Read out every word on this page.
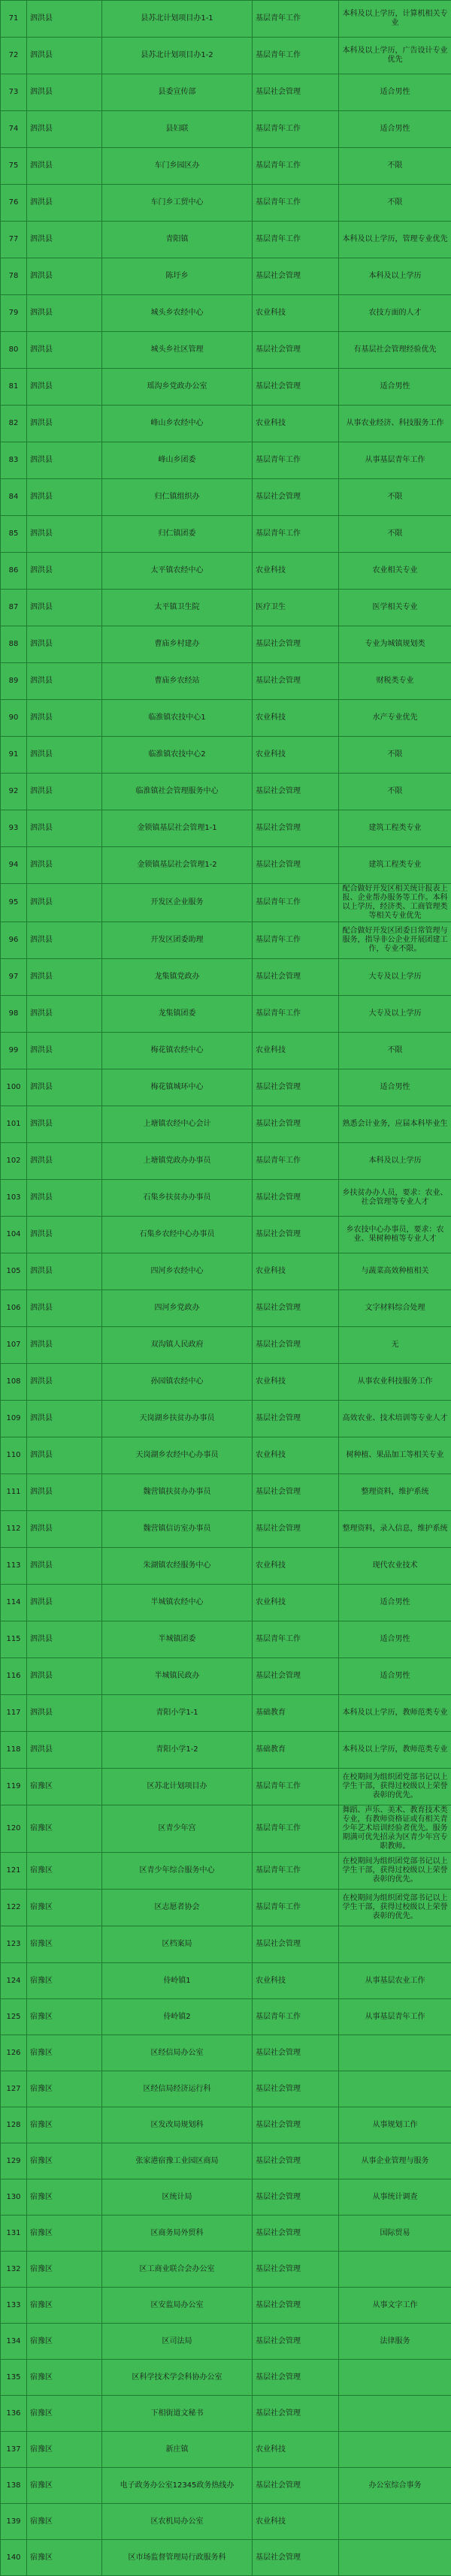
71	泗洪县	县苏北计划项目办1-1	基层青年工作	本科及以上学历，计算机相关专业
72	泗洪县	县苏北计划项目办1-2	基层青年工作	本科及以上学历，广告设计专业优先
73	泗洪县	县委宣传部	基层社会管理	适合男性
74	泗洪县	县妇联	基层青年工作	适合男性
75	泗洪县	车门乡园区办	基层青年工作	不限
76	泗洪县	车门乡工贸中心	基层青年工作	不限
77	泗洪县	青阳镇	基层青年工作	本科及以上学历，管理专业优先
78	泗洪县	陈圩乡	基层社会管理	本科及以上学历
79	泗洪县	城头乡农经中心	农业科技	农技方面的人才
80	泗洪县	城头乡社区管理	基层社会管理	有基层社会管理经验优先
81	泗洪县	瑶沟乡党政办公室	基层社会管理	适合男性
82	泗洪县	峰山乡农经中心	农业科技	从事农业经济、科技服务工作
83	泗洪县	峰山乡团委	基层青年工作	从事基层青年工作
84	泗洪县	归仁镇组织办	基层社会管理	不限
85	泗洪县	归仁镇团委	基层青年工作	不限
86	泗洪县	太平镇农经中心	农业科技	农业相关专业
87	泗洪县	太平镇卫生院	医疗卫生	医学相关专业
88	泗洪县	曹庙乡村建办	基层社会管理	专业为城镇规划类
89	泗洪县	曹庙乡农经站	基层社会管理	财税类专业
90	泗洪县	临淮镇农技中心1	农业科技	水产专业优先
91	泗洪县	临淮镇农技中心2	农业科技	不限
92	泗洪县	临淮镇社会管理服务中心	基层社会管理	不限
93	泗洪县	金锁镇基层社会管理1-1	基层社会管理	建筑工程类专业
94	泗洪县	金锁镇基层社会管理1-2	基层社会管理	建筑工程类专业
95	泗洪县	开发区企业服务	基层青年工作	配合做好开发区相关统计报表上报、企业帮办服务等工作。本科以上学历，经济类、工商管理类等相关专业优先
96	泗洪县	开发区团委助理	基层青年工作	配合做好开发区团委日常管理与服务，指导非公企业开展团建工作，专业不限。
97	泗洪县	龙集镇党政办	基层社会管理	大专及以上学历
98	泗洪县	龙集镇团委	基层青年工作	大专及以上学历
99	泗洪县	梅花镇农经中心	农业科技	不限
100	泗洪县	梅花镇城环中心	基层社会管理	适合男性
101	泗洪县	上塘镇农经中心会计	基层社会管理	熟悉会计业务，应届本科毕业生
102	泗洪县	上塘镇党政办办事员	基层青年工作	本科及以上学历
103	泗洪县	石集乡扶贫办办事员	基层社会管理	乡扶贫办办人员，要求：农业、社会管理等专业人才
104	泗洪县	石集乡农经中心办事员	基层社会管理	乡农技中心办事员，要求：农业、果树种植等专业人才
105	泗洪县	四河乡农经中心	农业科技	与蔬菜高效种植相关
106	泗洪县	四河乡党政办	基层社会管理	文字材料综合处理
107	泗洪县	双沟镇人民政府	基层社会管理	无
108	泗洪县	孙园镇农经中心	农业科技	从事农业科技服务工作
109	泗洪县	天岗湖乡扶贫办办事员	基层社会管理	高效农业、技术培训等专业人才
110	泗洪县	天岗湖乡农经中心办事员	农业科技	树种植、果品加工等相关专业
111	泗洪县	魏营镇扶贫办办事员	基层社会管理	整理资料，维护系统
112	泗洪县	魏营镇信访室办事员	基层社会管理	整理资料，录入信息，维护系统
113	泗洪县	朱湖镇农经服务中心	农业科技	现代农业技术
114	泗洪县	半城镇农经中心	农业科技	适合男性
115	泗洪县	半城镇团委	基层青年工作	适合男性
116	泗洪县	半城镇民政办	基层社会管理	适合男性
117	泗洪县	青阳小学1-1	基础教育	本科及以上学历，教师范类专业
118	泗洪县	青阳小学1-2	基础教育	本科及以上学历，教师范类专业
119	宿豫区	区苏北计划项目办	基层青年工作	在校期间为组织团党部书记以上学生干部，获得过校级以上荣誉表彰的优先。
120	宿豫区	区青少年宫	基层青年工作	舞蹈、声乐、美术、教育技术类专业，有教师资格证或有相关青少年艺术培训经验者优先。服务期满可优先招录为区青少年宫专职教师。
121	宿豫区	区青少年综合服务中心	基层青年工作	在校期间为组织团党部书记以上学生干部，获得过校级以上荣誉表彰的优先。
122	宿豫区	区志愿者协会	基层青年工作	在校期间为组织团党部书记以上学生干部，获得过校级以上荣誉表彰的优先。
123	宿豫区	区档案局	基层社会管理	
124	宿豫区	侍岭镇1	农业科技	从事基层农业工作
125	宿豫区	侍岭镇2	基层青年工作	从事基层青年工作
126	宿豫区	区经信局办公室	基层社会管理	
127	宿豫区	区经信局经济运行科	基层社会管理	
128	宿豫区	区发改局规划科	基层社会管理	从事规划工作
129	宿豫区	张家港宿豫工业园区商局	基层社会管理	从事企业管理与服务
130	宿豫区	区统计局	基层社会管理	从事统计调查
131	宿豫区	区商务局外贸科	基层社会管理	国际贸易
132	宿豫区	区工商业联合会办公室	基层社会管理	
133	宿豫区	区安监局办公室	基层社会管理	从事文字工作
134	宿豫区	区司法局	基层社会管理	法律服务
135	宿豫区	区科学技术学会科协办公室	基层社会管理	
136	宿豫区	下相街道文秘书	基层社会管理	
137	宿豫区	新庄镇	农业科技	
138	宿豫区	电子政务办公室12345政务热线办	基层社会管理	办公室综合事务
139	宿豫区	区农机局办公室	农业科技	
140	宿豫区	区市场监督管理局行政服务科	基层社会管理	
